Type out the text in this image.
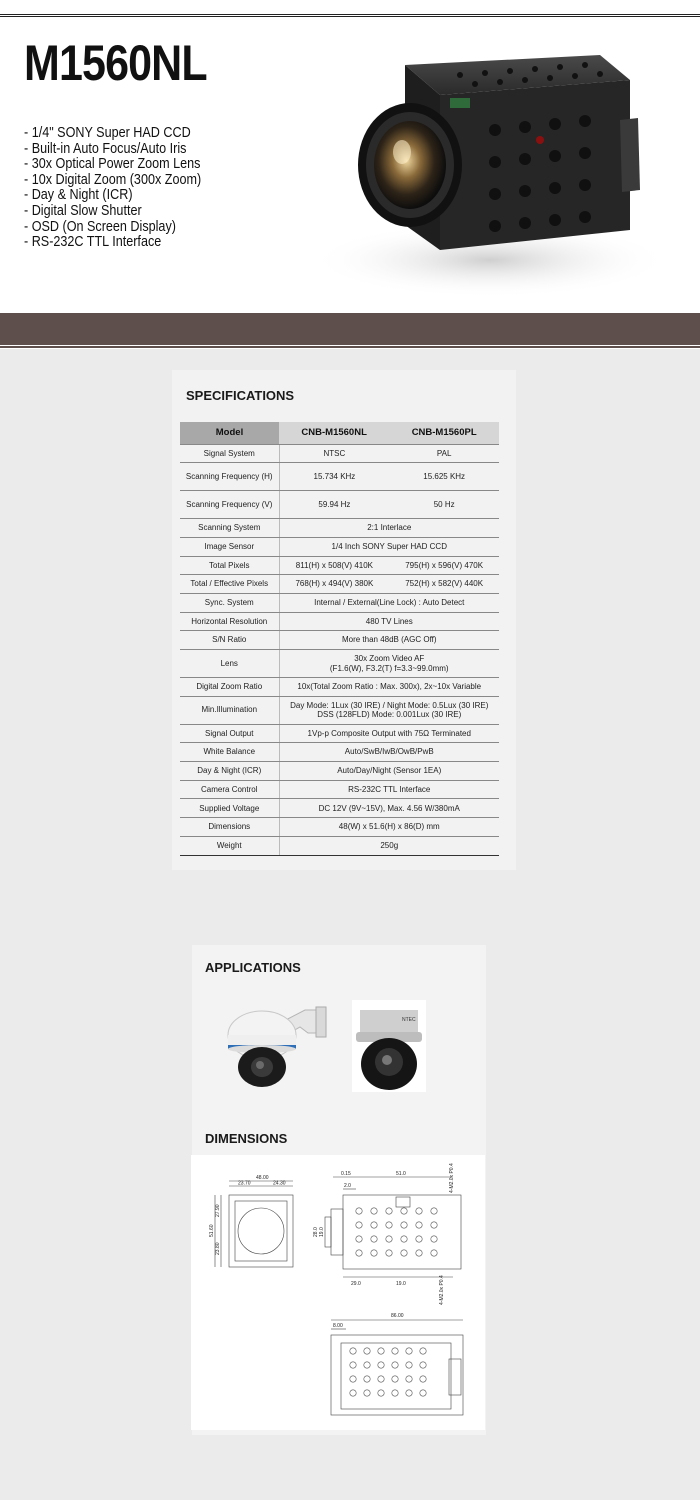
M1560NL
- 1/4" SONY Super HAD CCD
- Built-in Auto Focus/Auto Iris
- 30x Optical Power Zoom Lens
- 10x Digital Zoom (300x Zoom)
- Day & Night (ICR)
- Digital Slow Shutter
- OSD (On Screen Display)
- RS-232C TTL Interface
SPECIFICATIONS
Model	CNB-M1560NL	CNB-M1560PL
Signal System	NTSC	PAL
Scanning Frequency (H)	15.734 KHz	15.625 KHz
Scanning Frequency (V)	59.94 Hz	50 Hz
Scanning System	2:1 Interlace	
Image Sensor	1/4 Inch SONY Super HAD CCD	
Total Pixels	811(H) x 508(V) 410K	795(H) x 596(V) 470K
Total / Effective Pixels	768(H) x 494(V) 380K	752(H) x 582(V) 440K
Sync. System	Internal / External(Line Lock) : Auto Detect	
Horizontal Resolution	480 TV Lines	
S/N Ratio	More than 48dB (AGC Off)	
Lens	30x Zoom Video AF
(F1.6(W), F3.2(T) f=3.3~99.0mm)	
Digital Zoom Ratio	10x(Total Zoom Ratio : Max. 300x), 2x~10x Variable	
Min.Illumination	Day Mode: 1Lux (30 IRE) / Night Mode: 0.5Lux (30 IRE)
DSS (128FLD) Mode: 0.001Lux (30 IRE)	
Signal Output	1Vp-p Composite Output with 75Ω Terminated	
White Balance	Auto/SwB/IwB/OwB/PwB	
Day & Night (ICR)	Auto/Day/Night (Sensor 1EA)	
Camera Control	RS-232C TTL Interface	
Supplied Voltage	DC 12V (9V~15V), Max. 4.56 W/380mA	
Dimensions	48(W) x 51.6(H) x 86(D) mm	
Weight	250g	
APPLICATIONS
NTEC
DIMENSIONS
48.00
23.70	24.30
51.60
27.90
23.80
0.15	51.0
2.0	4-M2.0x P0.4
28.0 19.0
29.0	19.0	4-M2.0x P0.4
86.00
8.00
